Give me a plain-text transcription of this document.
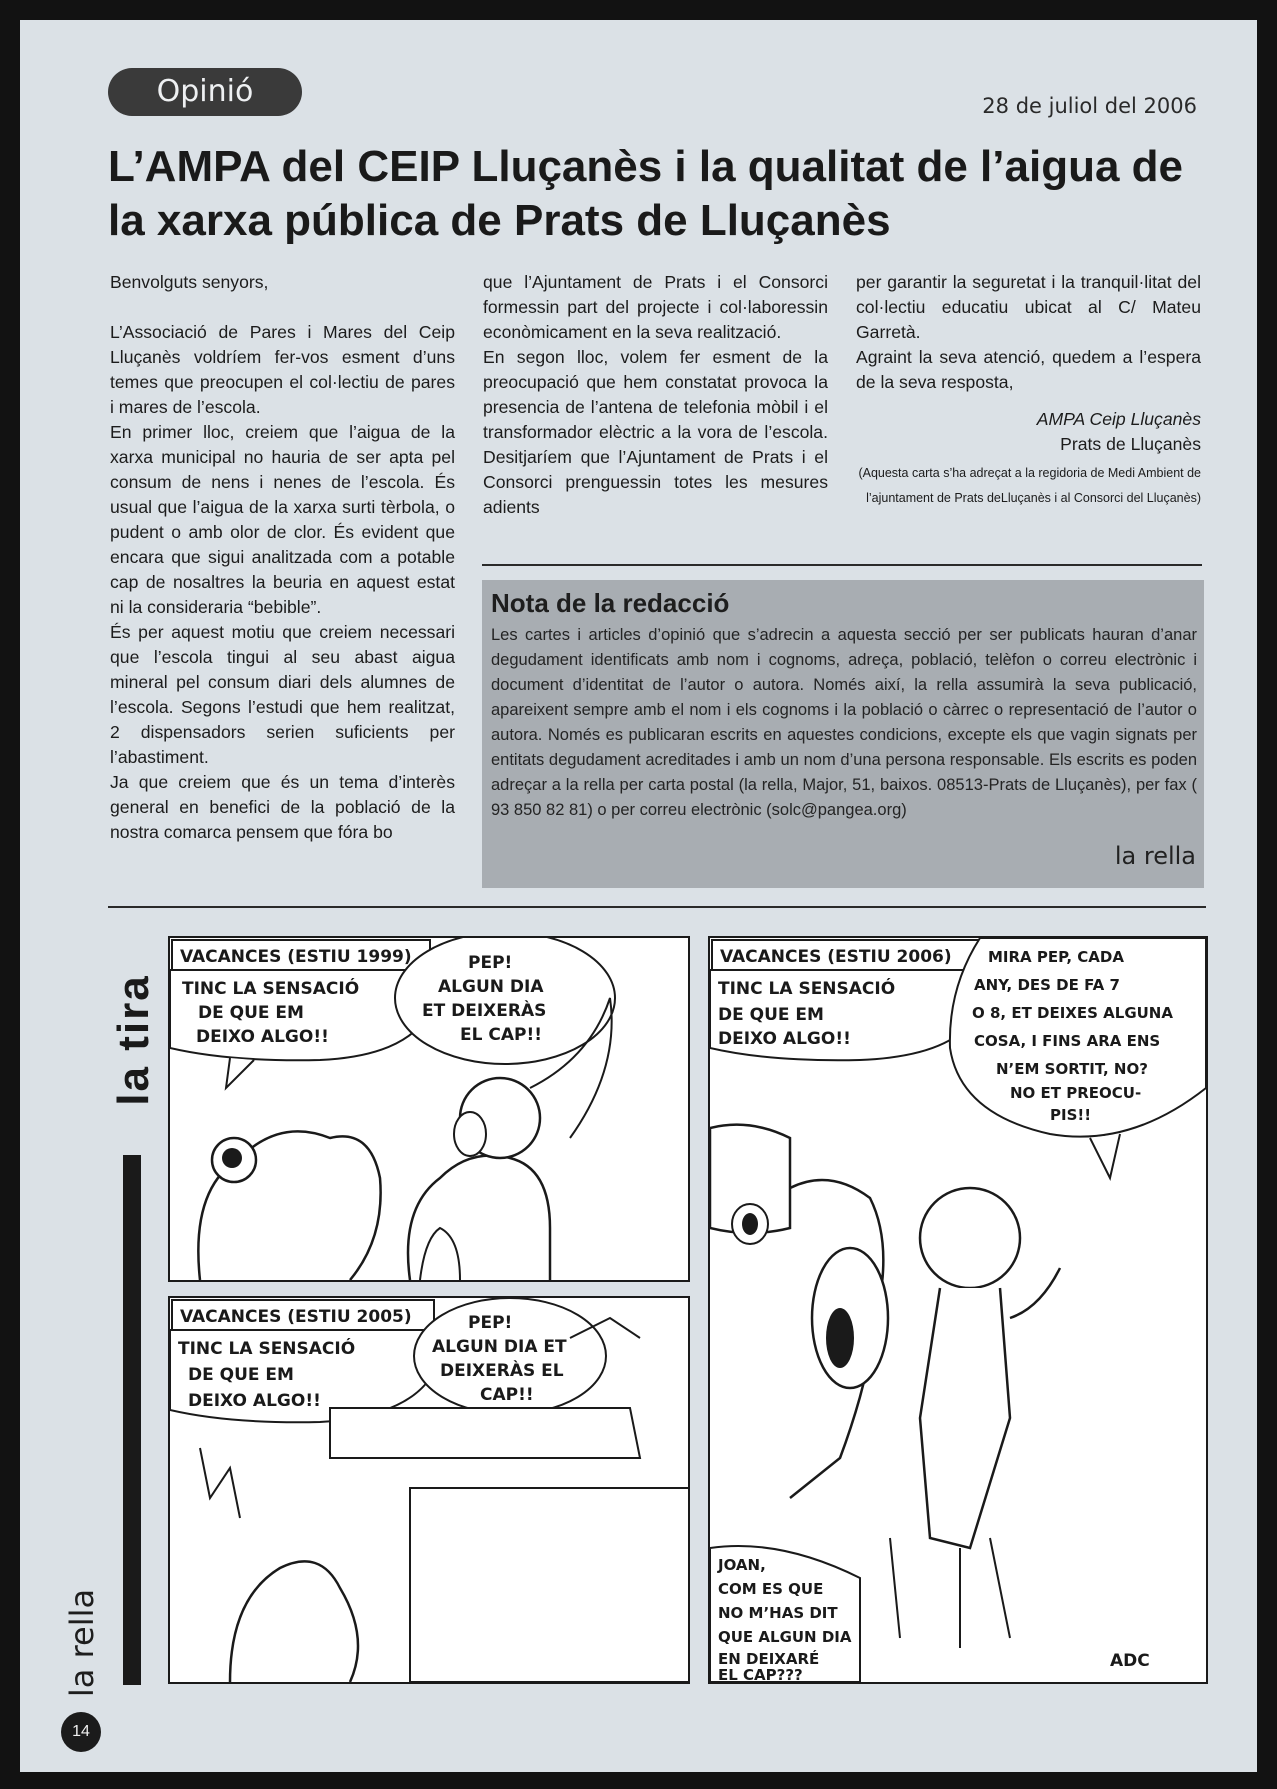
Opinió	28 de juliol del 2006
L’AMPA del CEIP Lluçanès i la qualitat de l’aigua de la xarxa pública de Prats de Lluçanès

Benvolguts senyors,

L’Associació de Pares i Mares del Ceip Lluçanès voldríem fer-vos esment d’uns temes que preocupen el col·lectiu de pares i mares de l’escola.

En primer lloc, creiem que l’aigua de la xarxa municipal no hauria de ser apta pel consum de nens i nenes de l’escola. És usual que l’aigua de la xarxa surti tèrbola, o pudent o amb olor de clor. És evident que encara que sigui analitzada com a potable cap de nosaltres la beuria en aquest estat ni la consideraria “bebible”.

És per aquest motiu que creiem necessari que l’escola tingui al seu abast aigua mineral pel consum diari dels alumnes de l’escola. Segons l’estudi que hem realitzat, 2 dispensadors serien suficients per l’abastiment.

Ja que creiem que és un tema d’interès general en benefici de la població de la nostra comarca pensem que fóra bo

que l’Ajuntament de Prats i el Consorci formessin part del projecte i col·laboressin econòmicament en la seva realització.

En segon lloc, volem fer esment de la preocupació que hem constatat provoca la presencia de l’antena de telefonia mòbil i el transformador elèctric a la vora de l’escola. Desitjaríem que l’Ajuntament de Prats i el Consorci prenguessin totes les mesures adients

per garantir la seguretat i la tranquil·litat del col·lectiu educatiu ubicat al C/ Mateu Garretà.

Agraint la seva atenció, quedem a l’espera de la seva resposta,

AMPA Ceip Lluçanès

Prats de Lluçanès

(Aquesta carta s’ha adreçat a la regidoria de Medi Ambient de l’ajuntament de Prats deLluçanès i al Consorci del Lluçanès)

Nota de la redacció

Les cartes i articles d’opinió que s’adrecin a aquesta secció per ser publicats hauran d’anar degudament identificats amb nom i cognoms, adreça, població, telèfon o correu electrònic i document d’identitat de l’autor o autora. Només així, la rella assumirà la seva publicació, apareixent sempre amb el nom i els cognoms i la població o càrrec o representació de l’autor o autora. Només es publicaran escrits en aquestes condicions, excepte els que vagin signats per entitats degudament acreditades i amb un nom d’una persona responsable. Els escrits es poden adreçar a la rella per carta postal (la rella, Major, 51, baixos. 08513-Prats de Lluçanès), per fax ( 93 850 82 81) o per correu electrònic (solc@pangea.org)

la rella
la tira
VACANCES (ESTIU 1999)
TINC LA SENSACIÓ
DE QUE EM
DEIXO ALGO!!
PEP!
ALGUN DIA
ET DEIXERÀS
EL CAP!!
VACANCES (ESTIU 2005)
TINC LA SENSACIÓ
DE QUE EM
DEIXO ALGO!!
PEP!
ALGUN DIA ET
DEIXERÀS EL
CAP!!
VACANCES (ESTIU 2006)
TINC LA SENSACIÓ
DE QUE EM
DEIXO ALGO!!
MIRA PEP, CADA
ANY, DES DE FA 7
O 8, ET DEIXES ALGUNA
COSA, I FINS ARA ENS
N’EM SORTIT, NO?
NO ET PREOCU-
PIS!!
JOAN,
COM ES QUE
NO M’HAS DIT
QUE ALGUN DIA
EN DEIXARÉ
EL CAP???
ADC
la rella
14
